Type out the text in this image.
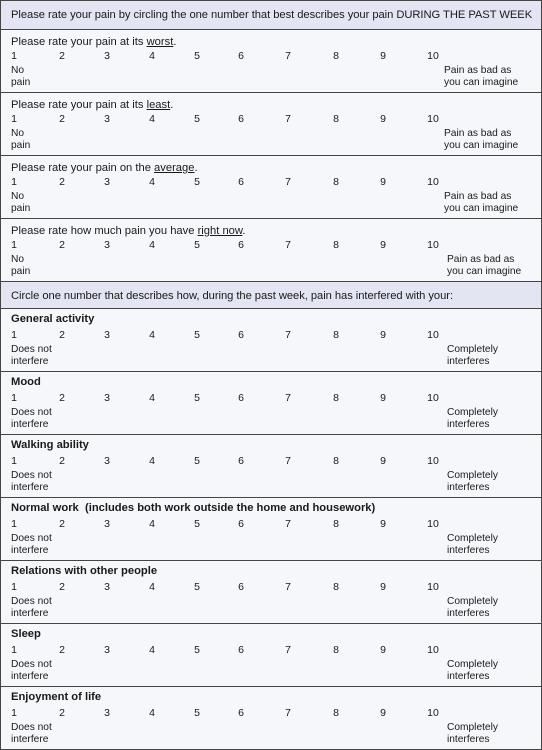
Please rate your pain by circling the one number that best describes your pain DURING THE PAST WEEK
Please rate your pain at its worst.
1	2	3	4	5	6	7	8	9	10
No
pain
Pain as bad as
you can imagine
Please rate your pain at its least.
1	2	3	4	5	6	7	8	9	10
No
pain
Pain as bad as
you can imagine
Please rate your pain on the average.
1	2	3	4	5	6	7	8	9	10
No
pain
Pain as bad as
you can imagine
Please rate how much pain you have right now.
1	2	3	4	5	6	7	8	9	10
No
pain
Pain as bad as
you can imagine
Circle one number that describes how, during the past week, pain has interfered with your:
General activity
1	2	3	4	5	6	7	8	9	10
Does not
interfere
Completely
interferes
Mood
1	2	3	4	5	6	7	8	9	10
Does not
interfere
Completely
interferes
Walking ability
1	2	3	4	5	6	7	8	9	10
Does not
interfere
Completely
interferes
Normal work  (includes both work outside the home and housework)
1	2	3	4	5	6	7	8	9	10
Does not
interfere
Completely
interferes
Relations with other people
1	2	3	4	5	6	7	8	9	10
Does not
interfere
Completely
interferes
Sleep
1	2	3	4	5	6	7	8	9	10
Does not
interfere
Completely
interferes
Enjoyment of life
1	2	3	4	5	6	7	8	9	10
Does not
interfere
Completely
interferes
